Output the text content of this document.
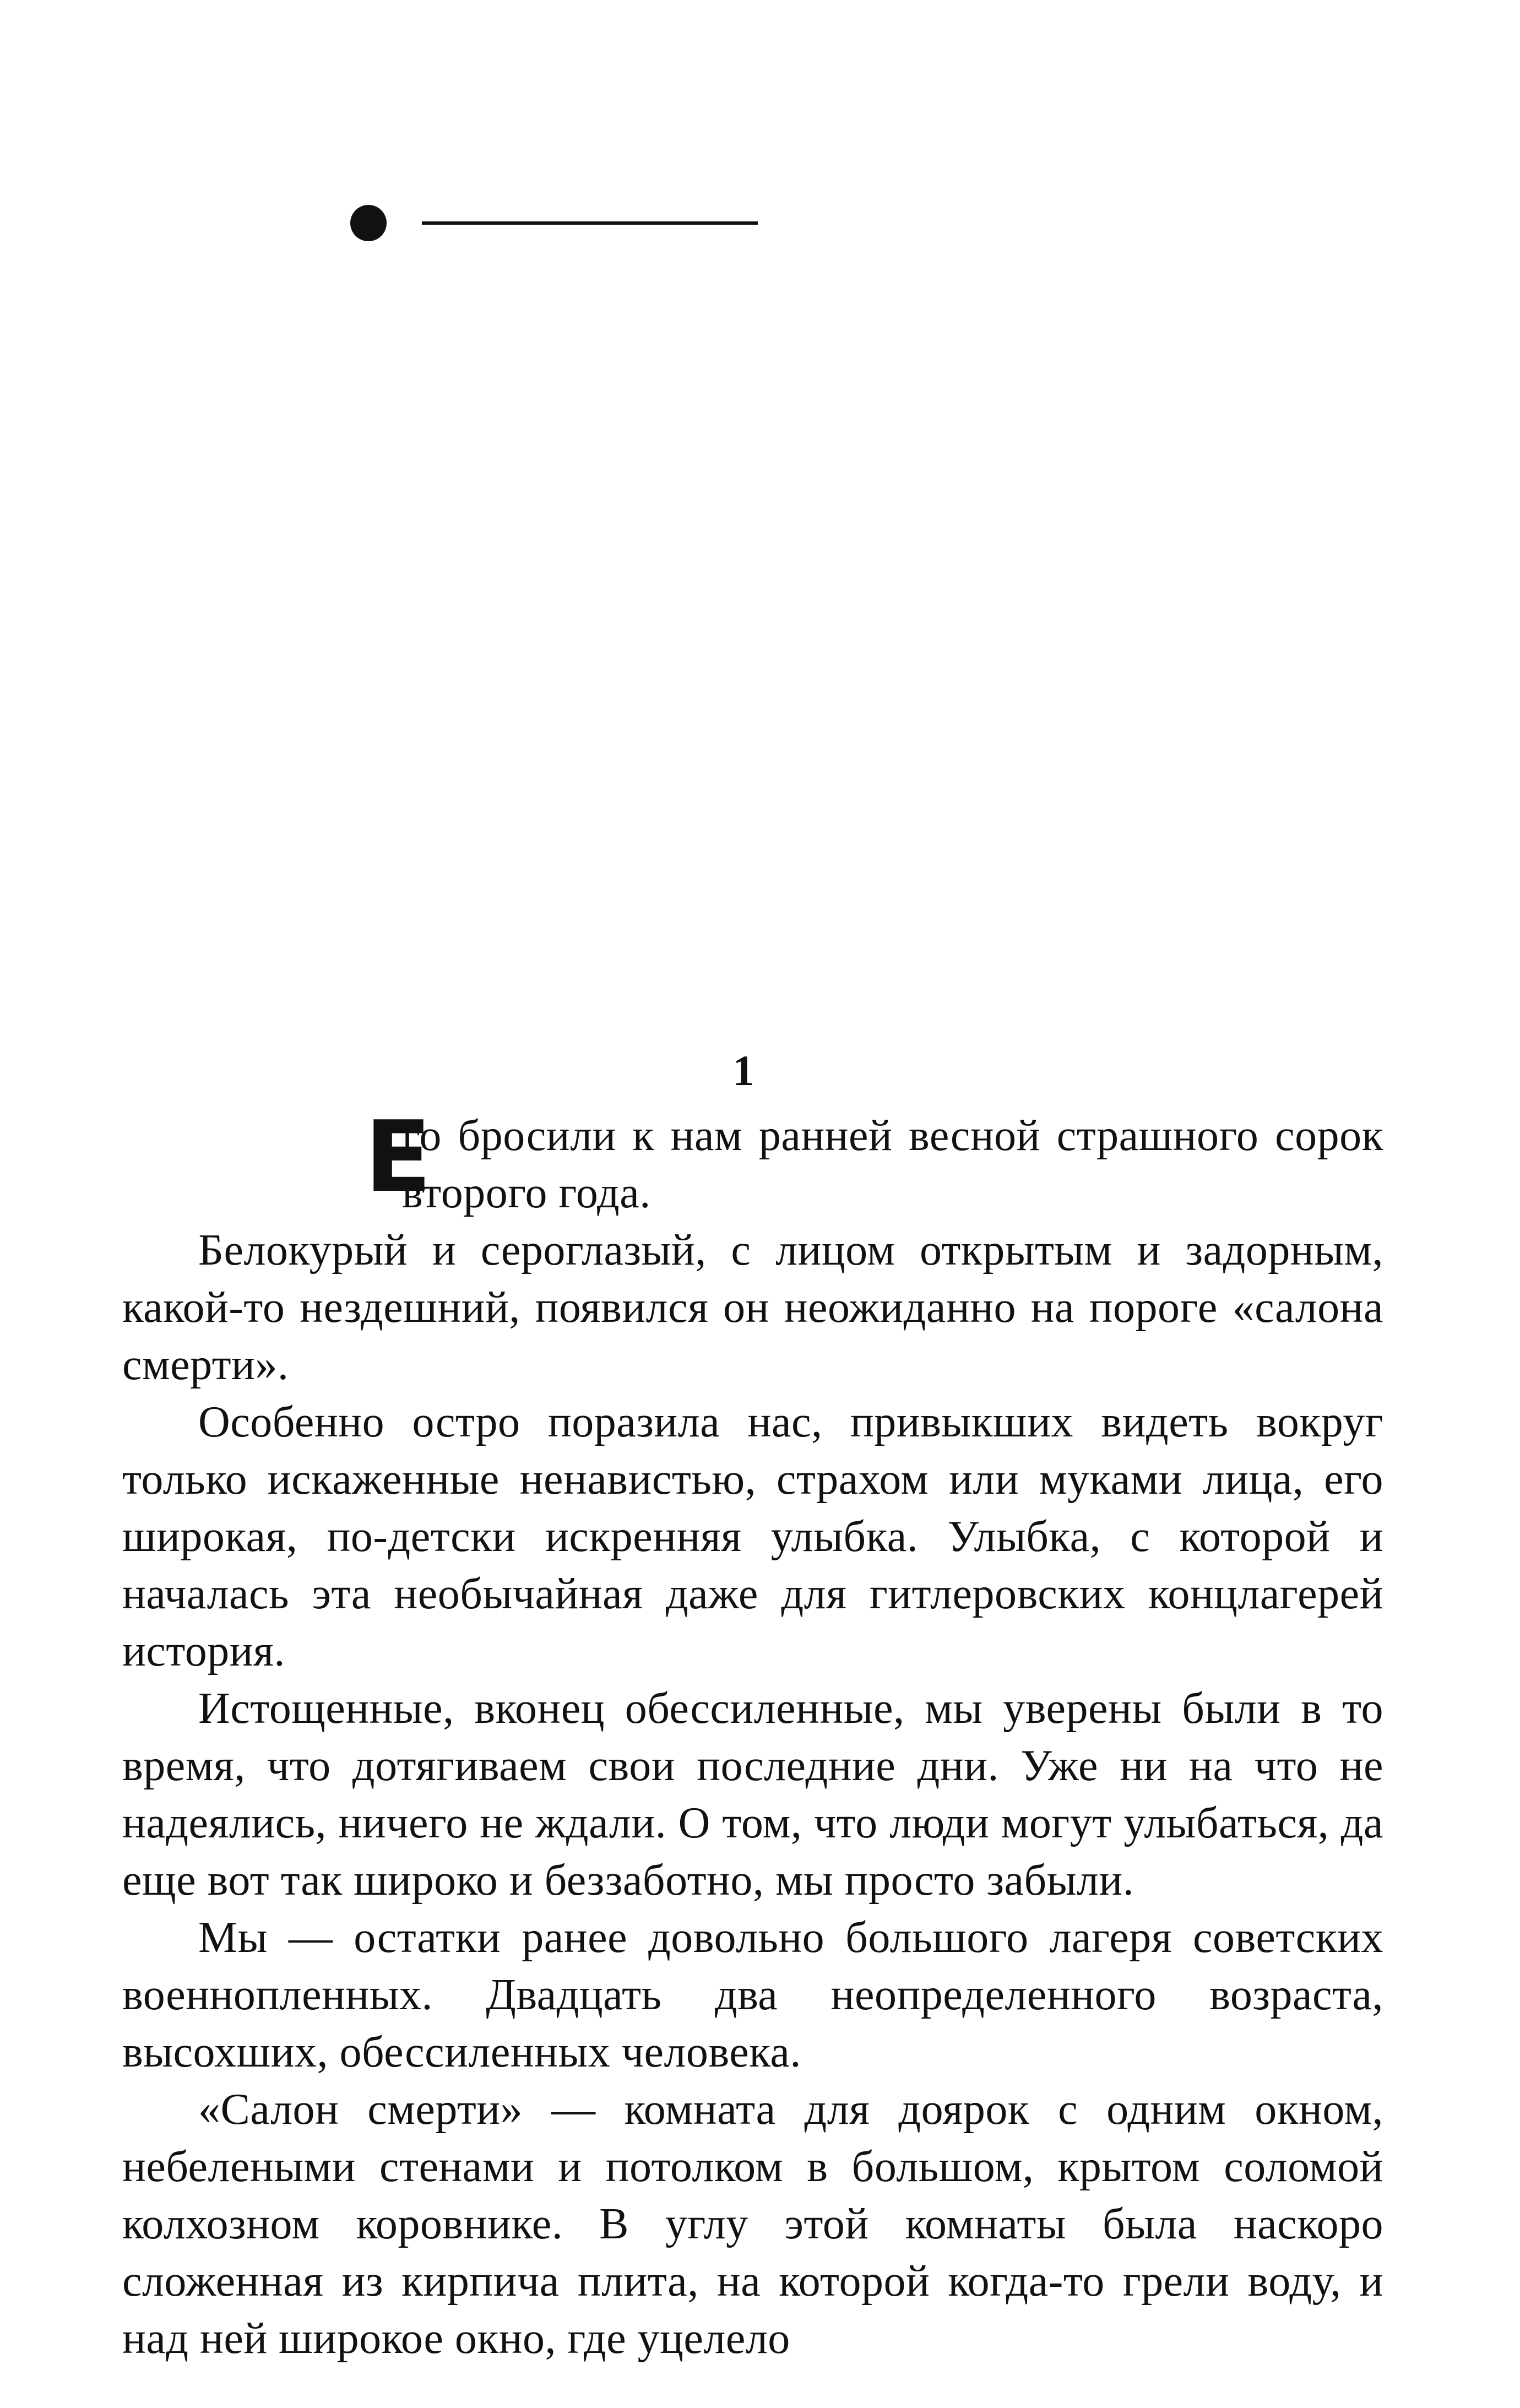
1

Е
го бросили к нам ранней весной страшного сорок второго года.

Белокурый и сероглазый, с лицом открытым и задорным, какой-то нездешний, появился он неожиданно на пороге «салона смерти».

Особенно остро поразила нас, привыкших видеть вокруг только искаженные ненавистью, страхом или муками лица, его широкая, по-детски искренняя улыбка. Улыбка, с которой и началась эта необычайная даже для гитлеровских концлагерей история.

Истощенные, вконец обессиленные, мы уверены были в то время, что дотягиваем свои последние дни. Уже ни на что не надеялись, ничего не ждали. О том, что люди могут улыбаться, да еще вот так широко и беззаботно, мы просто забыли.

Мы — остатки ранее довольно большого лагеря советских военнопленных. Двадцать два неопределенного возраста, высохших, обессиленных человека.

«Салон смерти» — комната для доярок с одним окном, небелеными стенами и потолком в большом, крытом соломой колхозном коровнике. В углу этой комнаты была наскоро сложенная из кирпича плита, на которой когда-то грели воду, и над ней широкое окно, где уцелело
